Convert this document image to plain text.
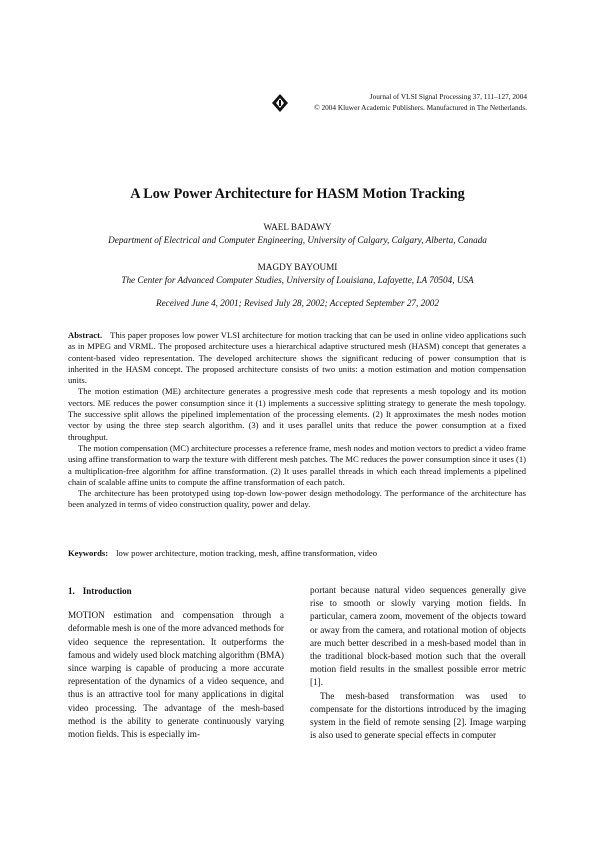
Journal of VLSI Signal Processing 37, 111–127, 2004
© 2004 Kluwer Academic Publishers. Manufactured in The Netherlands.
A Low Power Architecture for HASM Motion Tracking
WAEL BADAWY
Department of Electrical and Computer Engineering, University of Calgary, Calgary, Alberta, Canada
MAGDY BAYOUMI
The Center for Advanced Computer Studies, University of Louisiana, Lafayette, LA 70504, USA
Received June 4, 2001; Revised July 28, 2002; Accepted September 27, 2002

Abstract. This paper proposes low power VLSI architecture for motion tracking that can be used in online video applications such as in MPEG and VRML. The proposed architecture uses a hierarchical adaptive structured mesh (HASM) concept that generates a content-based video representation. The developed architecture shows the significant reducing of power consumption that is inherited in the HASM concept. The proposed architecture consists of two units: a motion estimation and motion compensation units.

The motion estimation (ME) architecture generates a progressive mesh code that represents a mesh topology and its motion vectors. ME reduces the power consumption since it (1) implements a successive splitting strategy to generate the mesh topology. The successive split allows the pipelined implementation of the processing elements. (2) It approximates the mesh nodes motion vector by using the three step search algorithm. (3) and it uses parallel units that reduce the power consumption at a fixed throughput.

The motion compensation (MC) architecture processes a reference frame, mesh nodes and motion vectors to predict a video frame using affine transformation to warp the texture with different mesh patches. The MC reduces the power consumption since it uses (1) a multiplication-free algorithm for affine transformation. (2) It uses parallel threads in which each thread implements a pipelined chain of scalable affine units to compute the affine transformation of each patch.

The architecture has been prototyped using top-down low-power design methodology. The performance of the architecture has been analyzed in terms of video construction quality, power and delay.

Keywords: low power architecture, motion tracking, mesh, affine transformation, video
1. Introduction

MOTION estimation and compensation through a deformable mesh is one of the more advanced methods for video sequence the representation. It outperforms the famous and widely used block matching algorithm (BMA) since warping is capable of producing a more accurate representation of the dynamics of a video sequence, and thus is an attractive tool for many applications in digital video processing. The advantage of the mesh-based method is the ability to generate continuously varying motion fields. This is especially im-

portant because natural video sequences generally give rise to smooth or slowly varying motion fields. In particular, camera zoom, movement of the objects toward or away from the camera, and rotational motion of objects are much better described in a mesh-based model than in the traditional block-based motion such that the overall motion field results in the smallest possible error metric [1].

The mesh-based transformation was used to compensate for the distortions introduced by the imaging system in the field of remote sensing [2]. Image warping is also used to generate special effects in computer
